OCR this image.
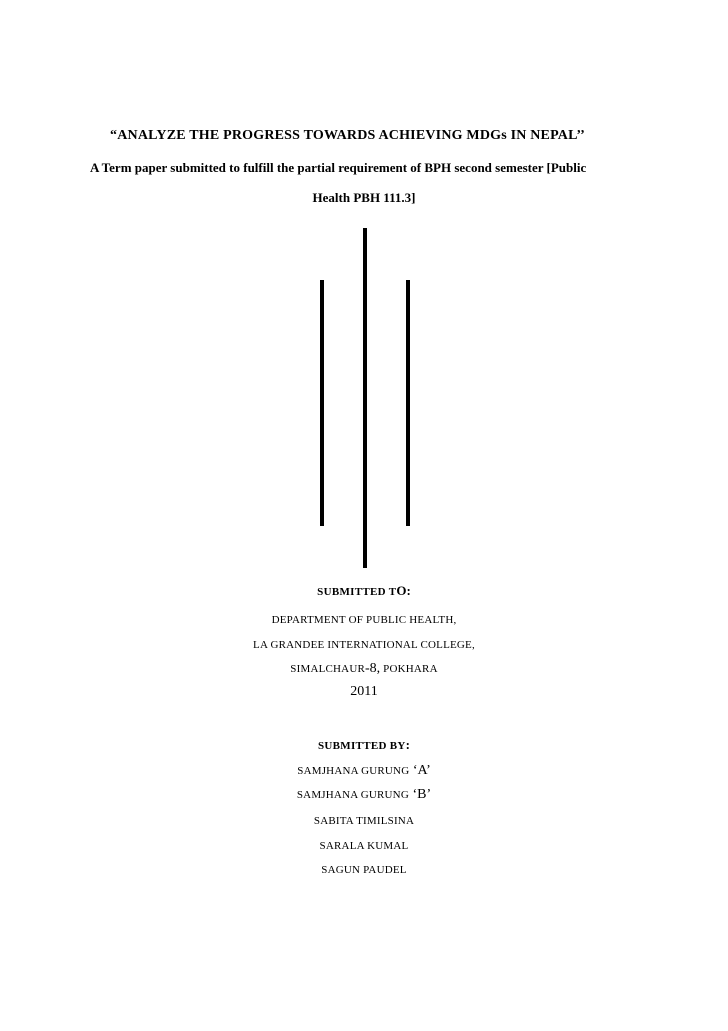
“ANALYZE THE PROGRESS TOWARDS ACHIEVING MDGs IN NEPAL’’
A Term paper submitted to fulfill the partial requirement of BPH second semester [Public
Health PBH 111.3]
SUBMITTED TO:
DEPARTMENT OF PUBLIC HEALTH,
LA GRANDEE INTERNATIONAL COLLEGE,
SIMALCHAUR-8, POKHARA
2011
SUBMITTED BY:
SAMJHANA GURUNG ‘A’
SAMJHANA GURUNG ‘B’
SABITA TIMILSINA
SARALA KUMAL
SAGUN PAUDEL
